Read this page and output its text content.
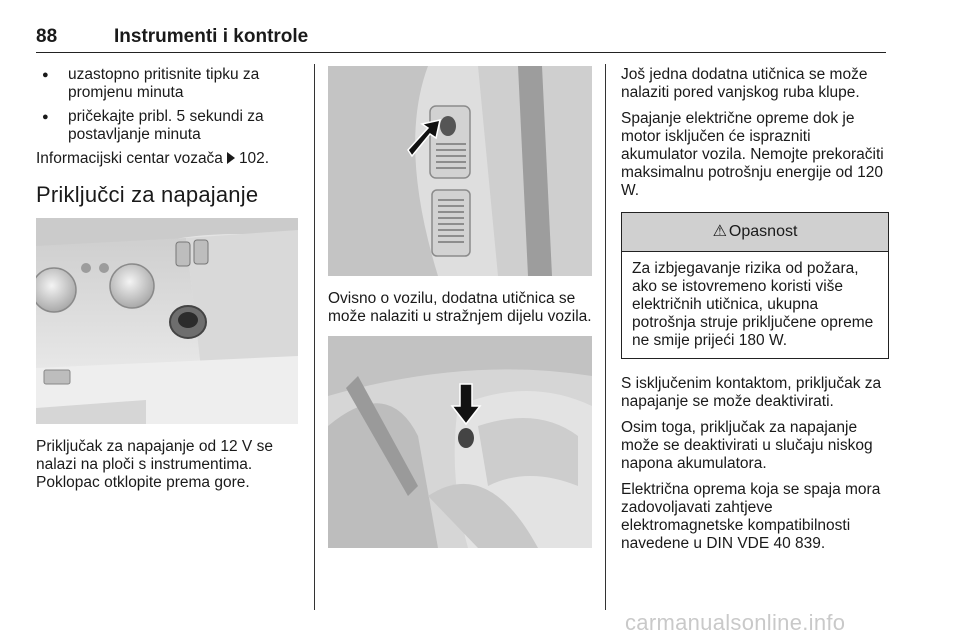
88	Instrumenti i kontrole
● uzastopno pritisnite tipku za promjenu minuta
● pričekajte pribl. 5 sekundi za postavljanje minuta

Informacijski centar vozača 102.

Priključci za napajanje

Priključak za napajanje od 12 V se nalazi na ploči s instrumentima. Poklopac otklopite prema gore.

Ovisno o vozilu, dodatna utičnica se može nalaziti u stražnjem dijelu vozila.

Još jedna dodatna utičnica se može nalaziti pored vanjskog ruba klupe.

Spajanje električne opreme dok je motor isključen će isprazniti akumulator vozila. Nemojte prekoračiti maksimalnu potrošnju energije od 120 W.

⚠ Opasnost
Za izbjegavanje rizika od požara, ako se istovremeno koristi više električnih utičnica, ukupna potrošnja struje priključene opreme ne smije prijeći 180 W.

S isključenim kontaktom, priključak za napajanje se može deaktivirati.

Osim toga, priključak za napajanje može se deaktivirati u slučaju niskog napona akumulatora.

Električna oprema koja se spaja mora zadovoljavati zahtjeve elektromagnetske kompatibilnosti navedene u DIN VDE 40 839.

carmanualsonline.info
